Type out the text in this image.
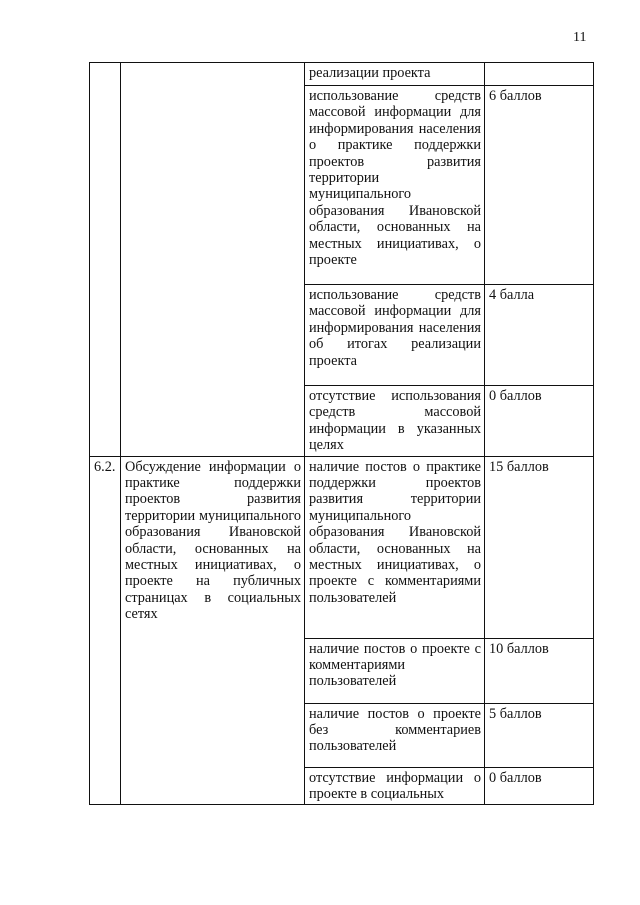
11
		реализации проекта	
		использование средств массовой информации для информирования населения о практике поддержки проектов развития территории муниципального образования Ивановской области, основанных на местных инициативах, о проекте	6 баллов
		использование средств массовой информации для информирования населения об итогах реализации проекта	4 балла
		отсутствие использования средств массовой информации в указанных целях	0 баллов
6.2.	Обсуждение информации о практике поддержки проектов развития территории муниципального образования Ивановской области, основанных на местных инициативах, о проекте на публичных страницах в социальных сетях	наличие постов о практике поддержки проектов развития территории муниципального образования Ивановской области, основанных на местных инициативах, о проекте с комментариями пользователей	15 баллов
		наличие постов о проекте с комментариями пользователей	10 баллов
		наличие постов о проекте без комментариев пользователей	5 баллов
		отсутствие информации о проекте в социальных	0 баллов
